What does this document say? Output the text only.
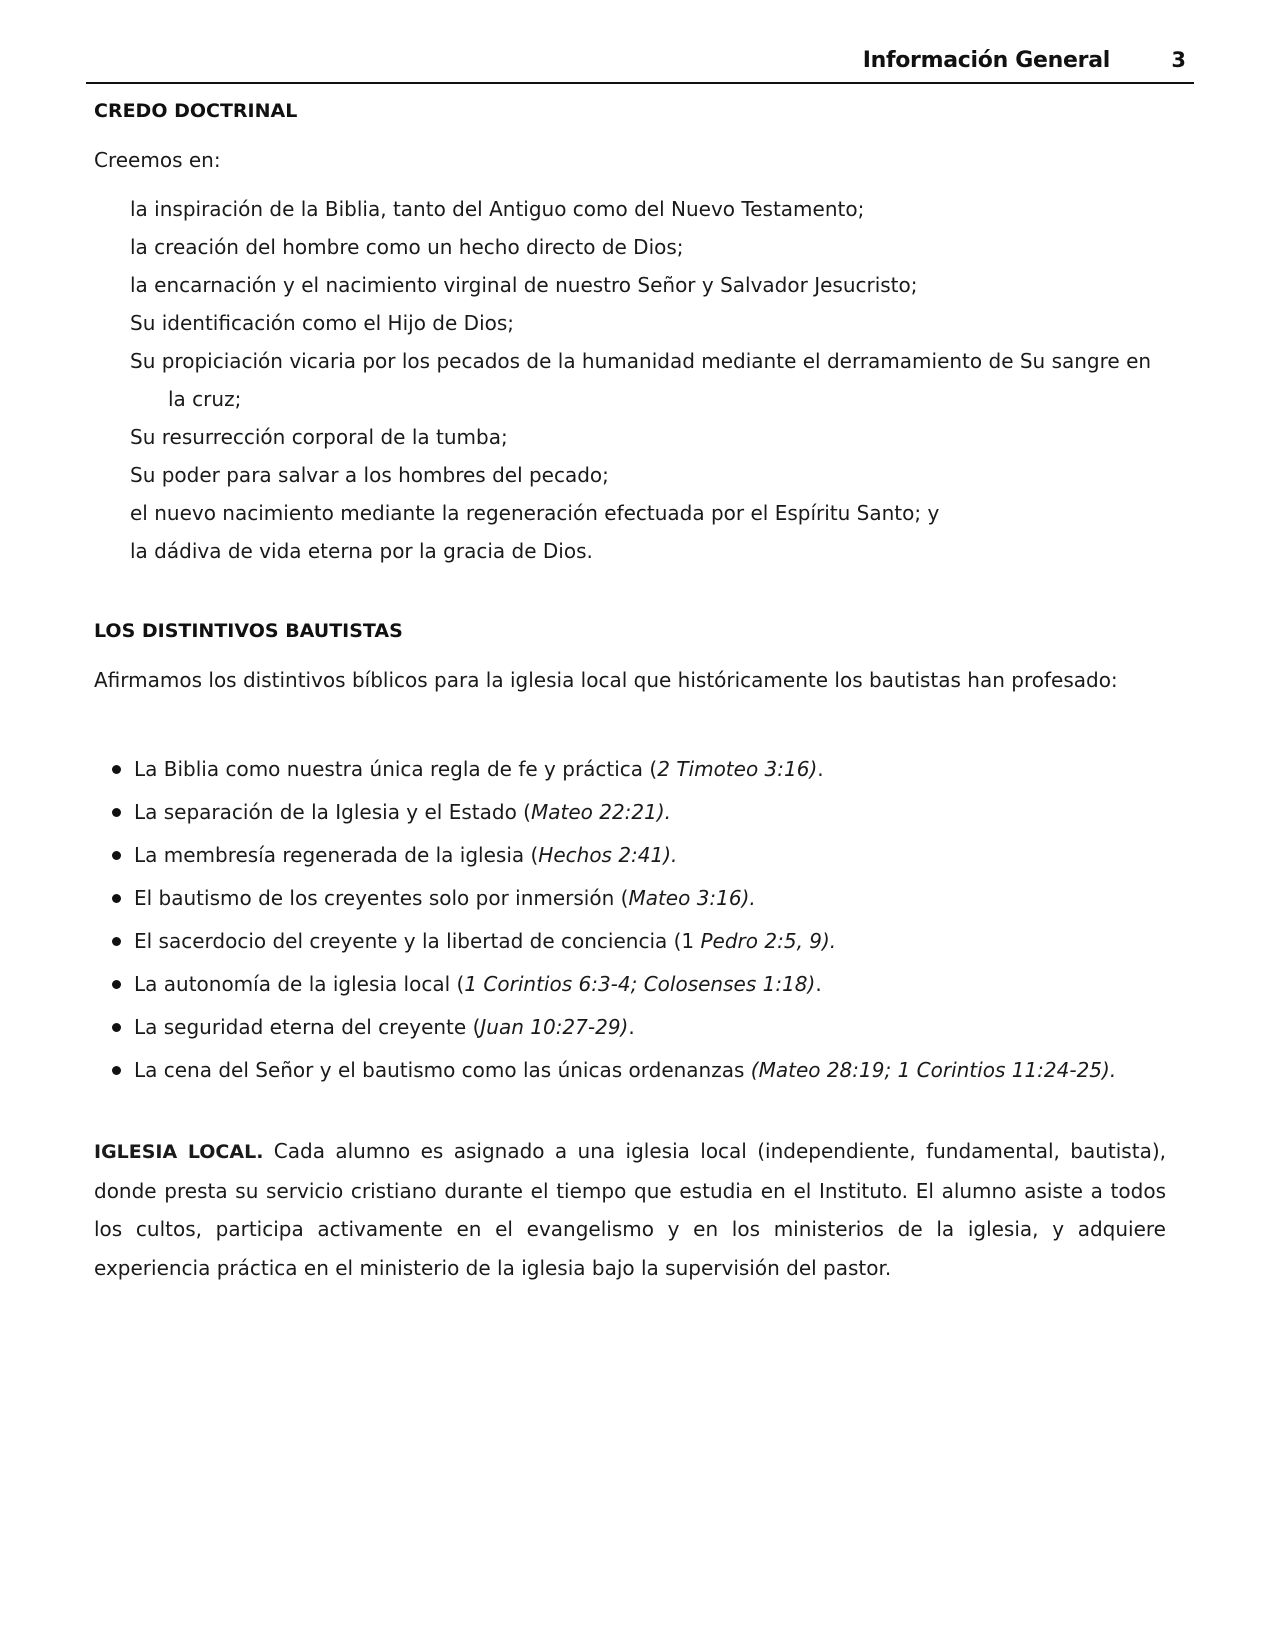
Información General	3
CREDO DOCTRINAL

Creemos en:

la inspiración de la Biblia, tanto del Antiguo como del Nuevo Testamento;
la creación del hombre como un hecho directo de Dios;
la encarnación y el nacimiento virginal de nuestro Señor y Salvador Jesucristo;
Su identificación como el Hijo de Dios;
Su propiciación vicaria por los pecados de la humanidad mediante el derramamiento de Su sangre en la cruz;
Su resurrección corporal de la tumba;
Su poder para salvar a los hombres del pecado;
el nuevo nacimiento mediante la regeneración efectuada por el Espíritu Santo; y
la dádiva de vida eterna por la gracia de Dios.
LOS DISTINTIVOS BAUTISTAS

Afirmamos los distintivos bíblicos para la iglesia local que históricamente los bautistas han profesado:

La Biblia como nuestra única regla de fe y práctica (2 Timoteo 3:16).
La separación de la Iglesia y el Estado (Mateo 22:21).
La membresía regenerada de la iglesia (Hechos 2:41).
El bautismo de los creyentes solo por inmersión (Mateo 3:16).
El sacerdocio del creyente y la libertad de conciencia (1 Pedro 2:5, 9).
La autonomía de la iglesia local (1 Corintios 6:3-4; Colosenses 1:18).
La seguridad eterna del creyente (Juan 10:27-29).
La cena del Señor y el bautismo como las únicas ordenanzas (Mateo 28:19; 1 Corintios 11:24-25).

IGLESIA LOCAL. Cada alumno es asignado a una iglesia local (independiente, fundamental, bautista), donde presta su servicio cristiano durante el tiempo que estudia en el Instituto. El alumno asiste a todos los cultos, participa activamente en el evangelismo y en los ministerios de la iglesia, y adquiere experiencia práctica en el ministerio de la iglesia bajo la supervisión del pastor.
